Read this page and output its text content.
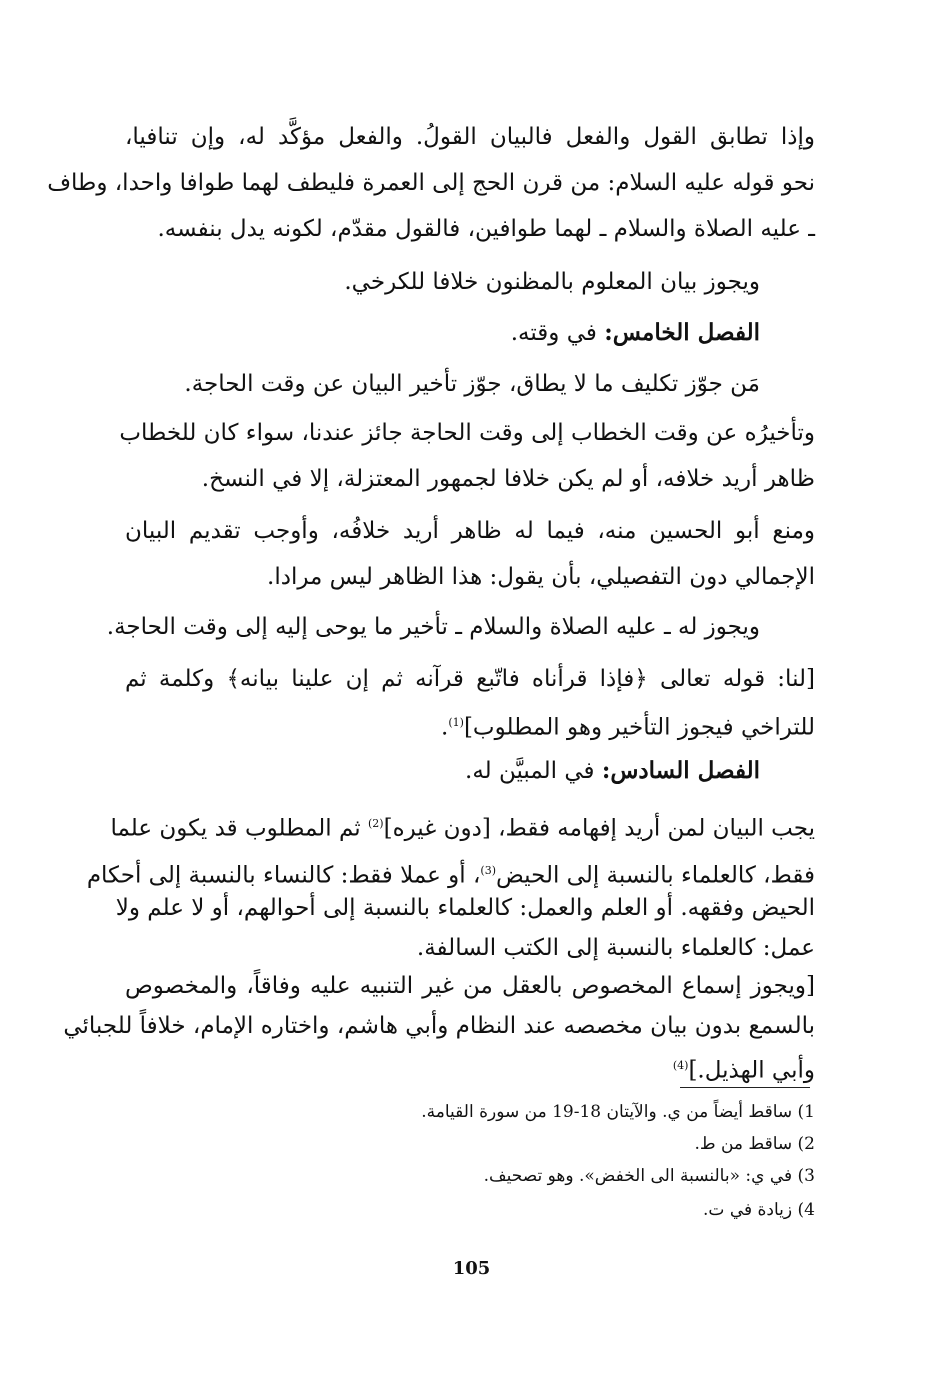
وإذا تطابق القول والفعل فالبيان القولُ. والفعل مؤكَّد له، وإن تنافيا،
نحو قوله عليه السلام: من قرن الحج إلى العمرة فليطف لهما طوافا واحدا، وطاف
ـ عليه الصلاة والسلام ـ لهما طوافين، فالقول مقدّم، لكونه يدل بنفسه.
ويجوز بيان المعلوم بالمظنون خلافا للكرخي.
الفصل الخامس: في وقته.
مَن جوّز تكليف ما لا يطاق، جوّز تأخير البيان عن وقت الحاجة.
وتأخيرُه عن وقت الخطاب إلى وقت الحاجة جائز عندنا، سواء كان للخطاب
ظاهر أريد خلافه، أو لم يكن خلافا لجمهور المعتزلة، إلا في النسخ.
ومنع أبو الحسين منه، فيما له ظاهر أريد خلافُه، وأوجب تقديم البيان
الإجمالي دون التفصيلي، بأن يقول: هذا الظاهر ليس مرادا.
ويجوز له ـ عليه الصلاة والسلام ـ تأخير ما يوحى إليه إلى وقت الحاجة.
[لنا: قوله تعالى ﴿فإذا قرأناه فاتّبع قرآنه ثم إن علينا بيانه﴾ وكلمة ثم
للتراخي فيجوز التأخير وهو المطلوب]$^{(1)}$.
الفصل السادس: في المبيَّن له.
يجب البيان لمن أريد إفهامه فقط، [دون غيره]$^{(2)}$ ثم المطلوب قد يكون علما
فقط، كالعلماء بالنسبة إلى الحيض$^{(3)}$، أو عملا فقط: كالنساء بالنسبة إلى أحكام
الحيض وفقهه. أو العلم والعمل: كالعلماء بالنسبة إلى أحوالهم، أو لا علم ولا
عمل: كالعلماء بالنسبة إلى الكتب السالفة.
[ويجوز إسماع المخصوص بالعقل من غير التنبيه عليه وفاقاً، والمخصوص
بالسمع بدون بيان مخصصه عند النظام وأبي هاشم، واختاره الإمام، خلافاً للجبائي
وأبي الهذيل.]$^{(4)}$
1) ساقط أيضاً من ي. والآيتان 18-19 من سورة القيامة.
2) ساقط من ط.
3) في ي: «بالنسبة الى الخفض». وهو تصحيف.
4) زيادة في ت.
105
